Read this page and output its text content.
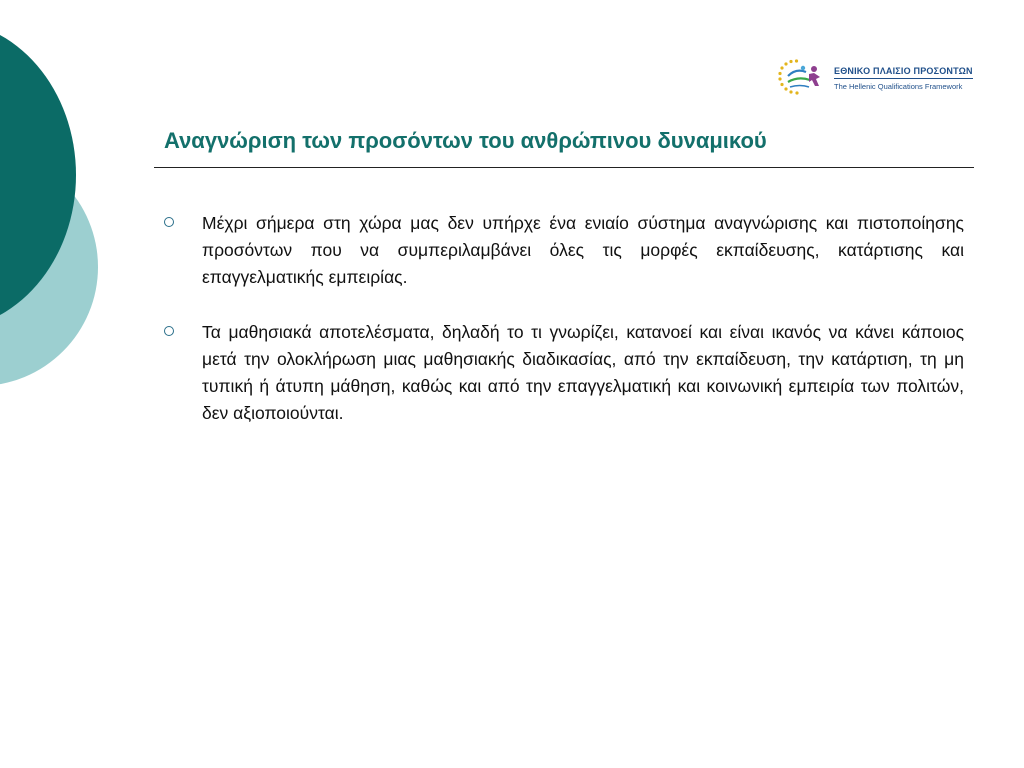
ΕΘΝΙΚΟ ΠΛΑΙΣΙΟ ΠΡΟΣΟΝΤΩΝ
The Hellenic Qualifications Framework
Αναγνώριση των προσόντων του ανθρώπινου δυναμικού
Μέχρι σήμερα στη χώρα μας δεν υπήρχε ένα ενιαίο σύστημα αναγνώρισης και πιστοποίησης προσόντων που να συμπεριλαμβάνει όλες τις μορφές εκπαίδευσης, κατάρτισης και επαγγελματικής εμπειρίας.
Τα μαθησιακά αποτελέσματα, δηλαδή το τι γνωρίζει, κατανοεί και είναι ικανός να κάνει κάποιος μετά την ολοκλήρωση μιας μαθησιακής διαδικασίας, από την εκπαίδευση, την κατάρτιση, τη μη τυπική ή άτυπη μάθηση, καθώς και από την επαγγελματική και κοινωνική εμπειρία των πολιτών, δεν αξιοποιούνται.
